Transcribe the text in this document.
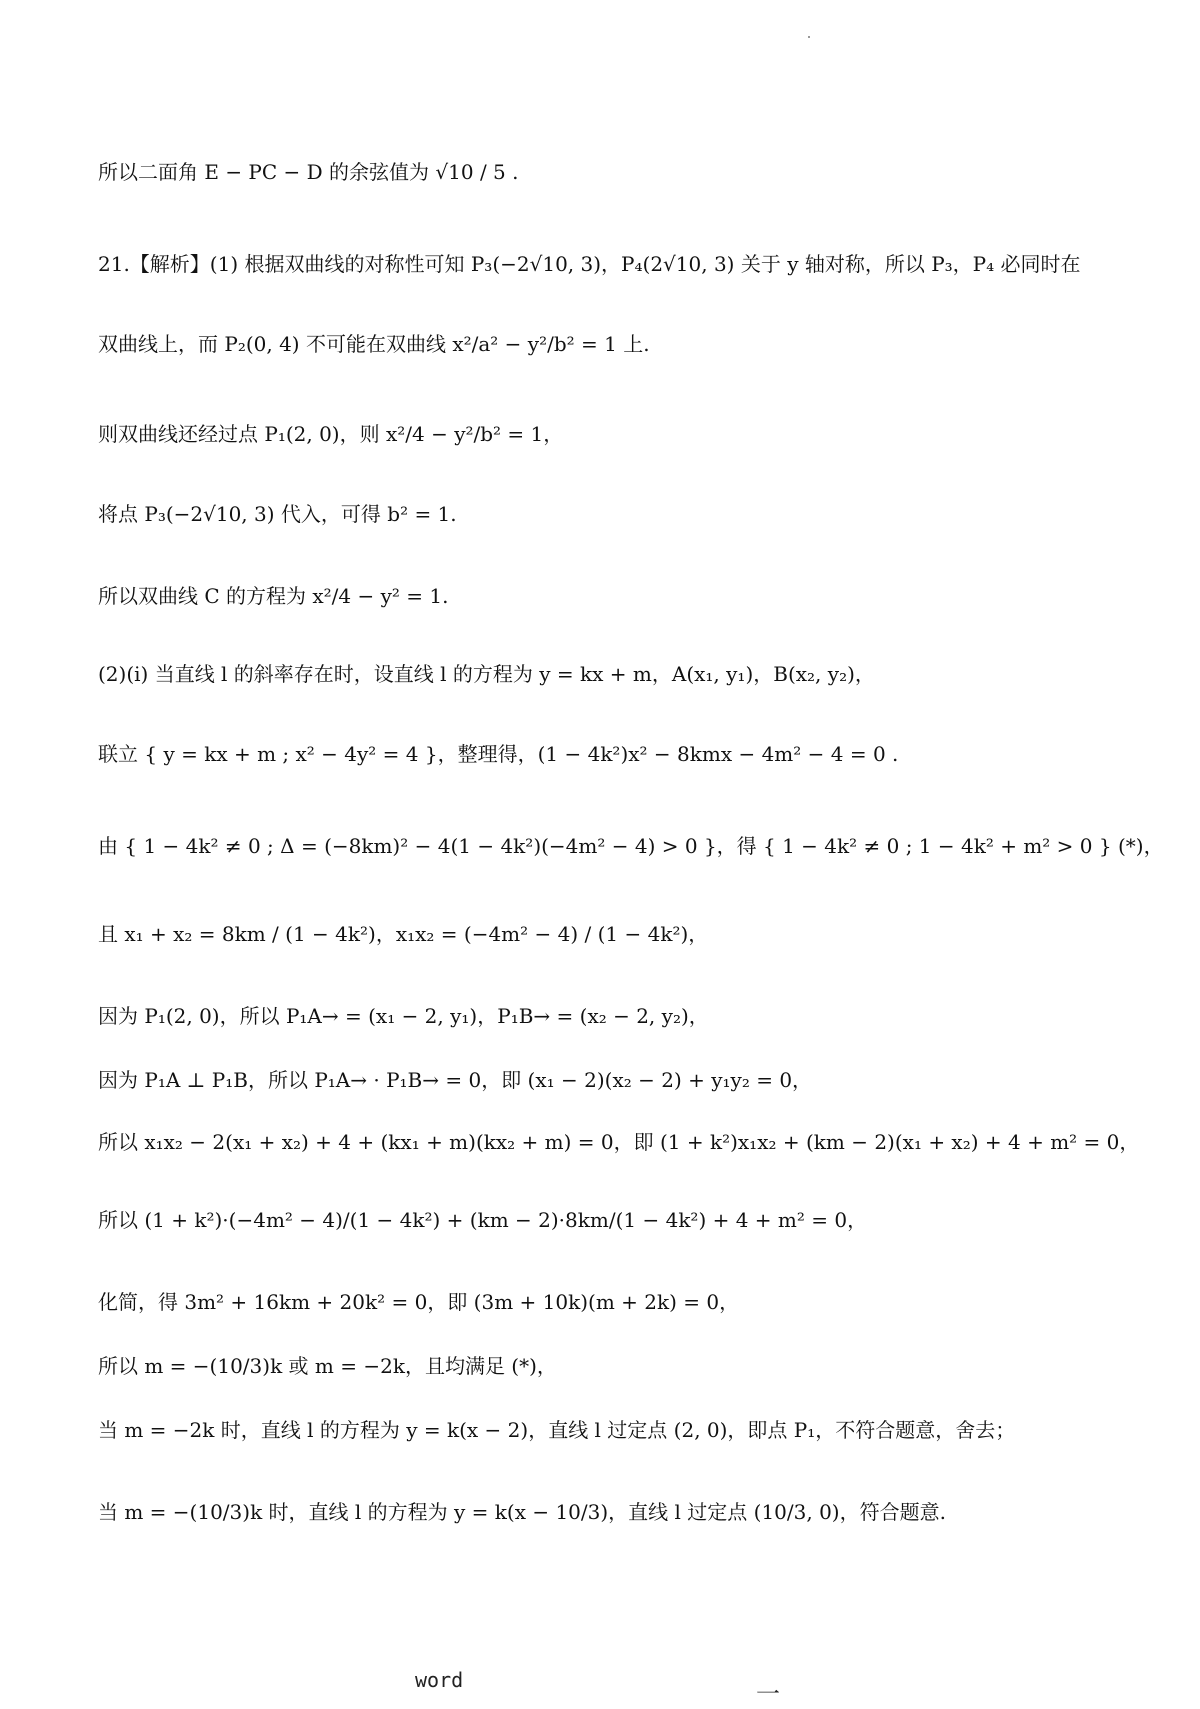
所以二面角 E − PC − D 的余弦值为 √10 / 5 .
21.【解析】(1) 根据双曲线的对称性可知 P₃(−2√10, 3)，P₄(2√10, 3) 关于 y 轴对称，所以 P₃，P₄ 必同时在
双曲线上，而 P₂(0, 4) 不可能在双曲线 x²/a² − y²/b² = 1 上.
则双曲线还经过点 P₁(2, 0)，则 x²/4 − y²/b² = 1，
将点 P₃(−2√10, 3) 代入，可得 b² = 1.
所以双曲线 C 的方程为 x²/4 − y² = 1.
(2)(ⅰ) 当直线 l 的斜率存在时，设直线 l 的方程为 y = kx + m，A(x₁, y₁)，B(x₂, y₂)，
联立 { y = kx + m ; x² − 4y² = 4 }，整理得，(1 − 4k²)x² − 8kmx − 4m² − 4 = 0 .
由 { 1 − 4k² ≠ 0 ; Δ = (−8km)² − 4(1 − 4k²)(−4m² − 4) > 0 }，得 { 1 − 4k² ≠ 0 ; 1 − 4k² + m² > 0 } (*)，
且 x₁ + x₂ = 8km / (1 − 4k²)，x₁x₂ = (−4m² − 4) / (1 − 4k²)，
因为 P₁(2, 0)，所以 P₁A→ = (x₁ − 2, y₁)，P₁B→ = (x₂ − 2, y₂)，
因为 P₁A ⊥ P₁B，所以 P₁A→ · P₁B→ = 0，即 (x₁ − 2)(x₂ − 2) + y₁y₂ = 0，
所以 x₁x₂ − 2(x₁ + x₂) + 4 + (kx₁ + m)(kx₂ + m) = 0，即 (1 + k²)x₁x₂ + (km − 2)(x₁ + x₂) + 4 + m² = 0，
所以 (1 + k²)·(−4m² − 4)/(1 − 4k²) + (km − 2)·8km/(1 − 4k²) + 4 + m² = 0，
化简，得 3m² + 16km + 20k² = 0，即 (3m + 10k)(m + 2k) = 0，
所以 m = −(10/3)k 或 m = −2k，且均满足 (*)，
当 m = −2k 时，直线 l 的方程为 y = k(x − 2)，直线 l 过定点 (2, 0)，即点 P₁，不符合题意，舍去；
当 m = −(10/3)k 时，直线 l 的方程为 y = k(x − 10/3)，直线 l 过定点 (10/3, 0)，符合题意.
word	一
